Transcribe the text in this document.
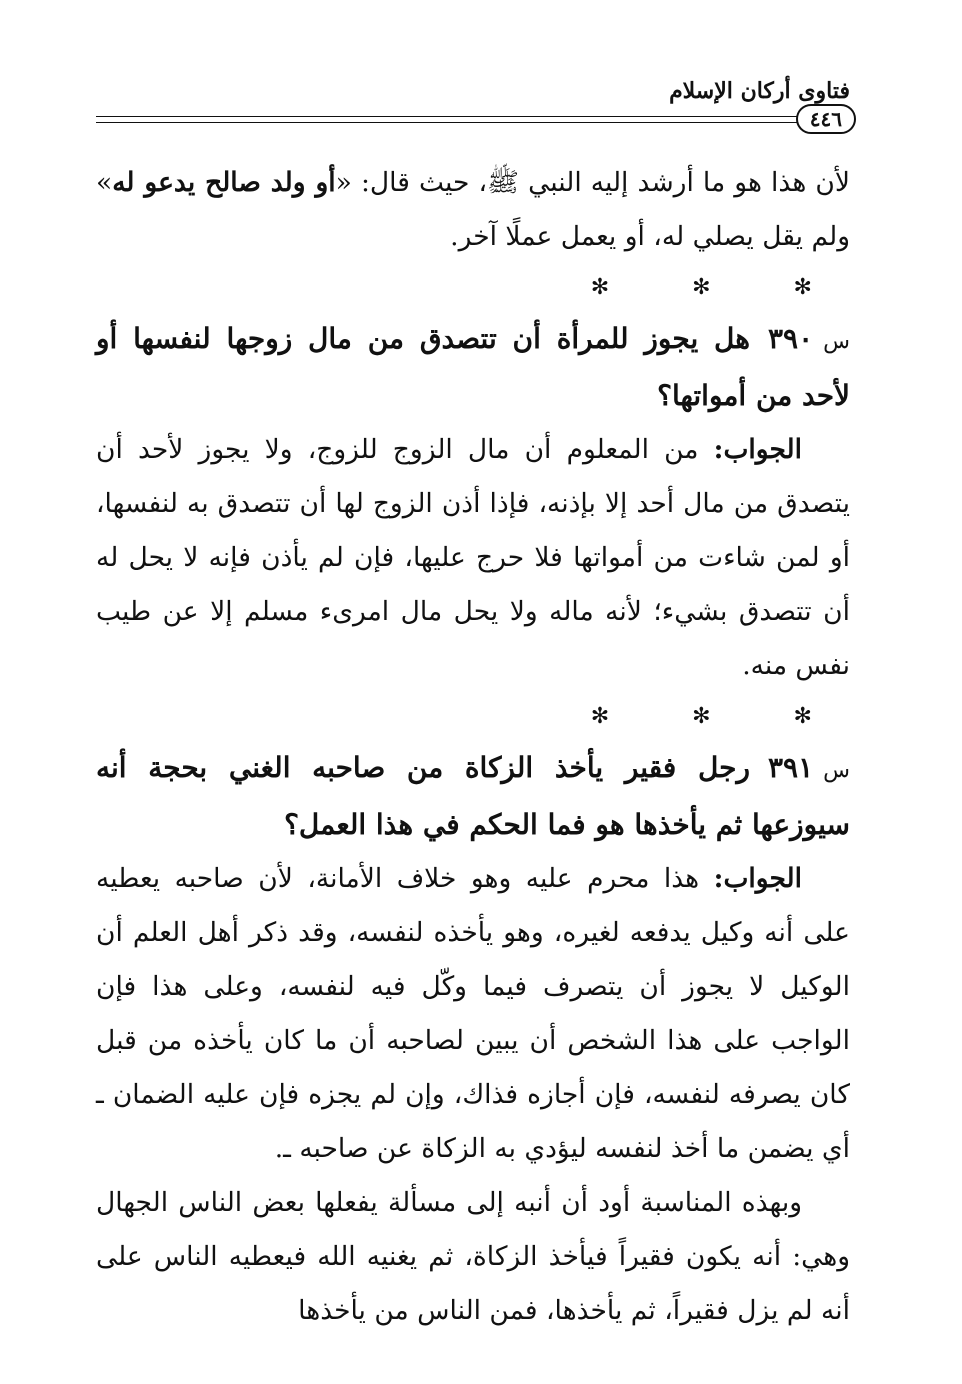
فتاوى أركان الإسلام
٤٤٦

لأن هذا هو ما أرشد إليه النبي ﷺ، حيث قال: «أو ولد صالح يدعو له» ولم يقل يصلي له، أو يعمل عملًا آخر.

✻ ✻ ✻

س٣٩٠هل يجوز للمرأة أن تتصدق من مال زوجها لنفسها أو لأحد من أمواتها؟

الجواب: من المعلوم أن مال الزوج للزوج، ولا يجوز لأحد أن يتصدق من مال أحد إلا بإذنه، فإذا أذن الزوج لها أن تتصدق به لنفسها، أو لمن شاءت من أمواتها فلا حرج عليها، فإن لم يأذن فإنه لا يحل له أن تتصدق بشيء؛ لأنه ماله ولا يحل مال امرىء مسلم إلا عن طيب نفس منه.

✻ ✻ ✻

س٣٩١رجل فقير يأخذ الزكاة من صاحبه الغني بحجة أنه سيوزعها ثم يأخذها هو فما الحكم في هذا العمل؟

الجواب: هذا محرم عليه وهو خلاف الأمانة، لأن صاحبه يعطيه على أنه وكيل يدفعه لغيره، وهو يأخذه لنفسه، وقد ذكر أهل العلم أن الوكيل لا يجوز أن يتصرف فيما وكّل فيه لنفسه، وعلى هذا فإن الواجب على هذا الشخص أن يبين لصاحبه أن ما كان يأخذه من قبل كان يصرفه لنفسه، فإن أجازه فذاك، وإن لم يجزه فإن عليه الضمان ـ أي يضمن ما أخذ لنفسه ليؤدي به الزكاة عن صاحبه ـ.

وبهذه المناسبة أود أن أنبه إلى مسألة يفعلها بعض الناس الجهال وهي: أنه يكون فقيراً فيأخذ الزكاة، ثم يغنيه الله فيعطيه الناس على أنه لم يزل فقيراً، ثم يأخذها، فمن الناس من يأخذها
